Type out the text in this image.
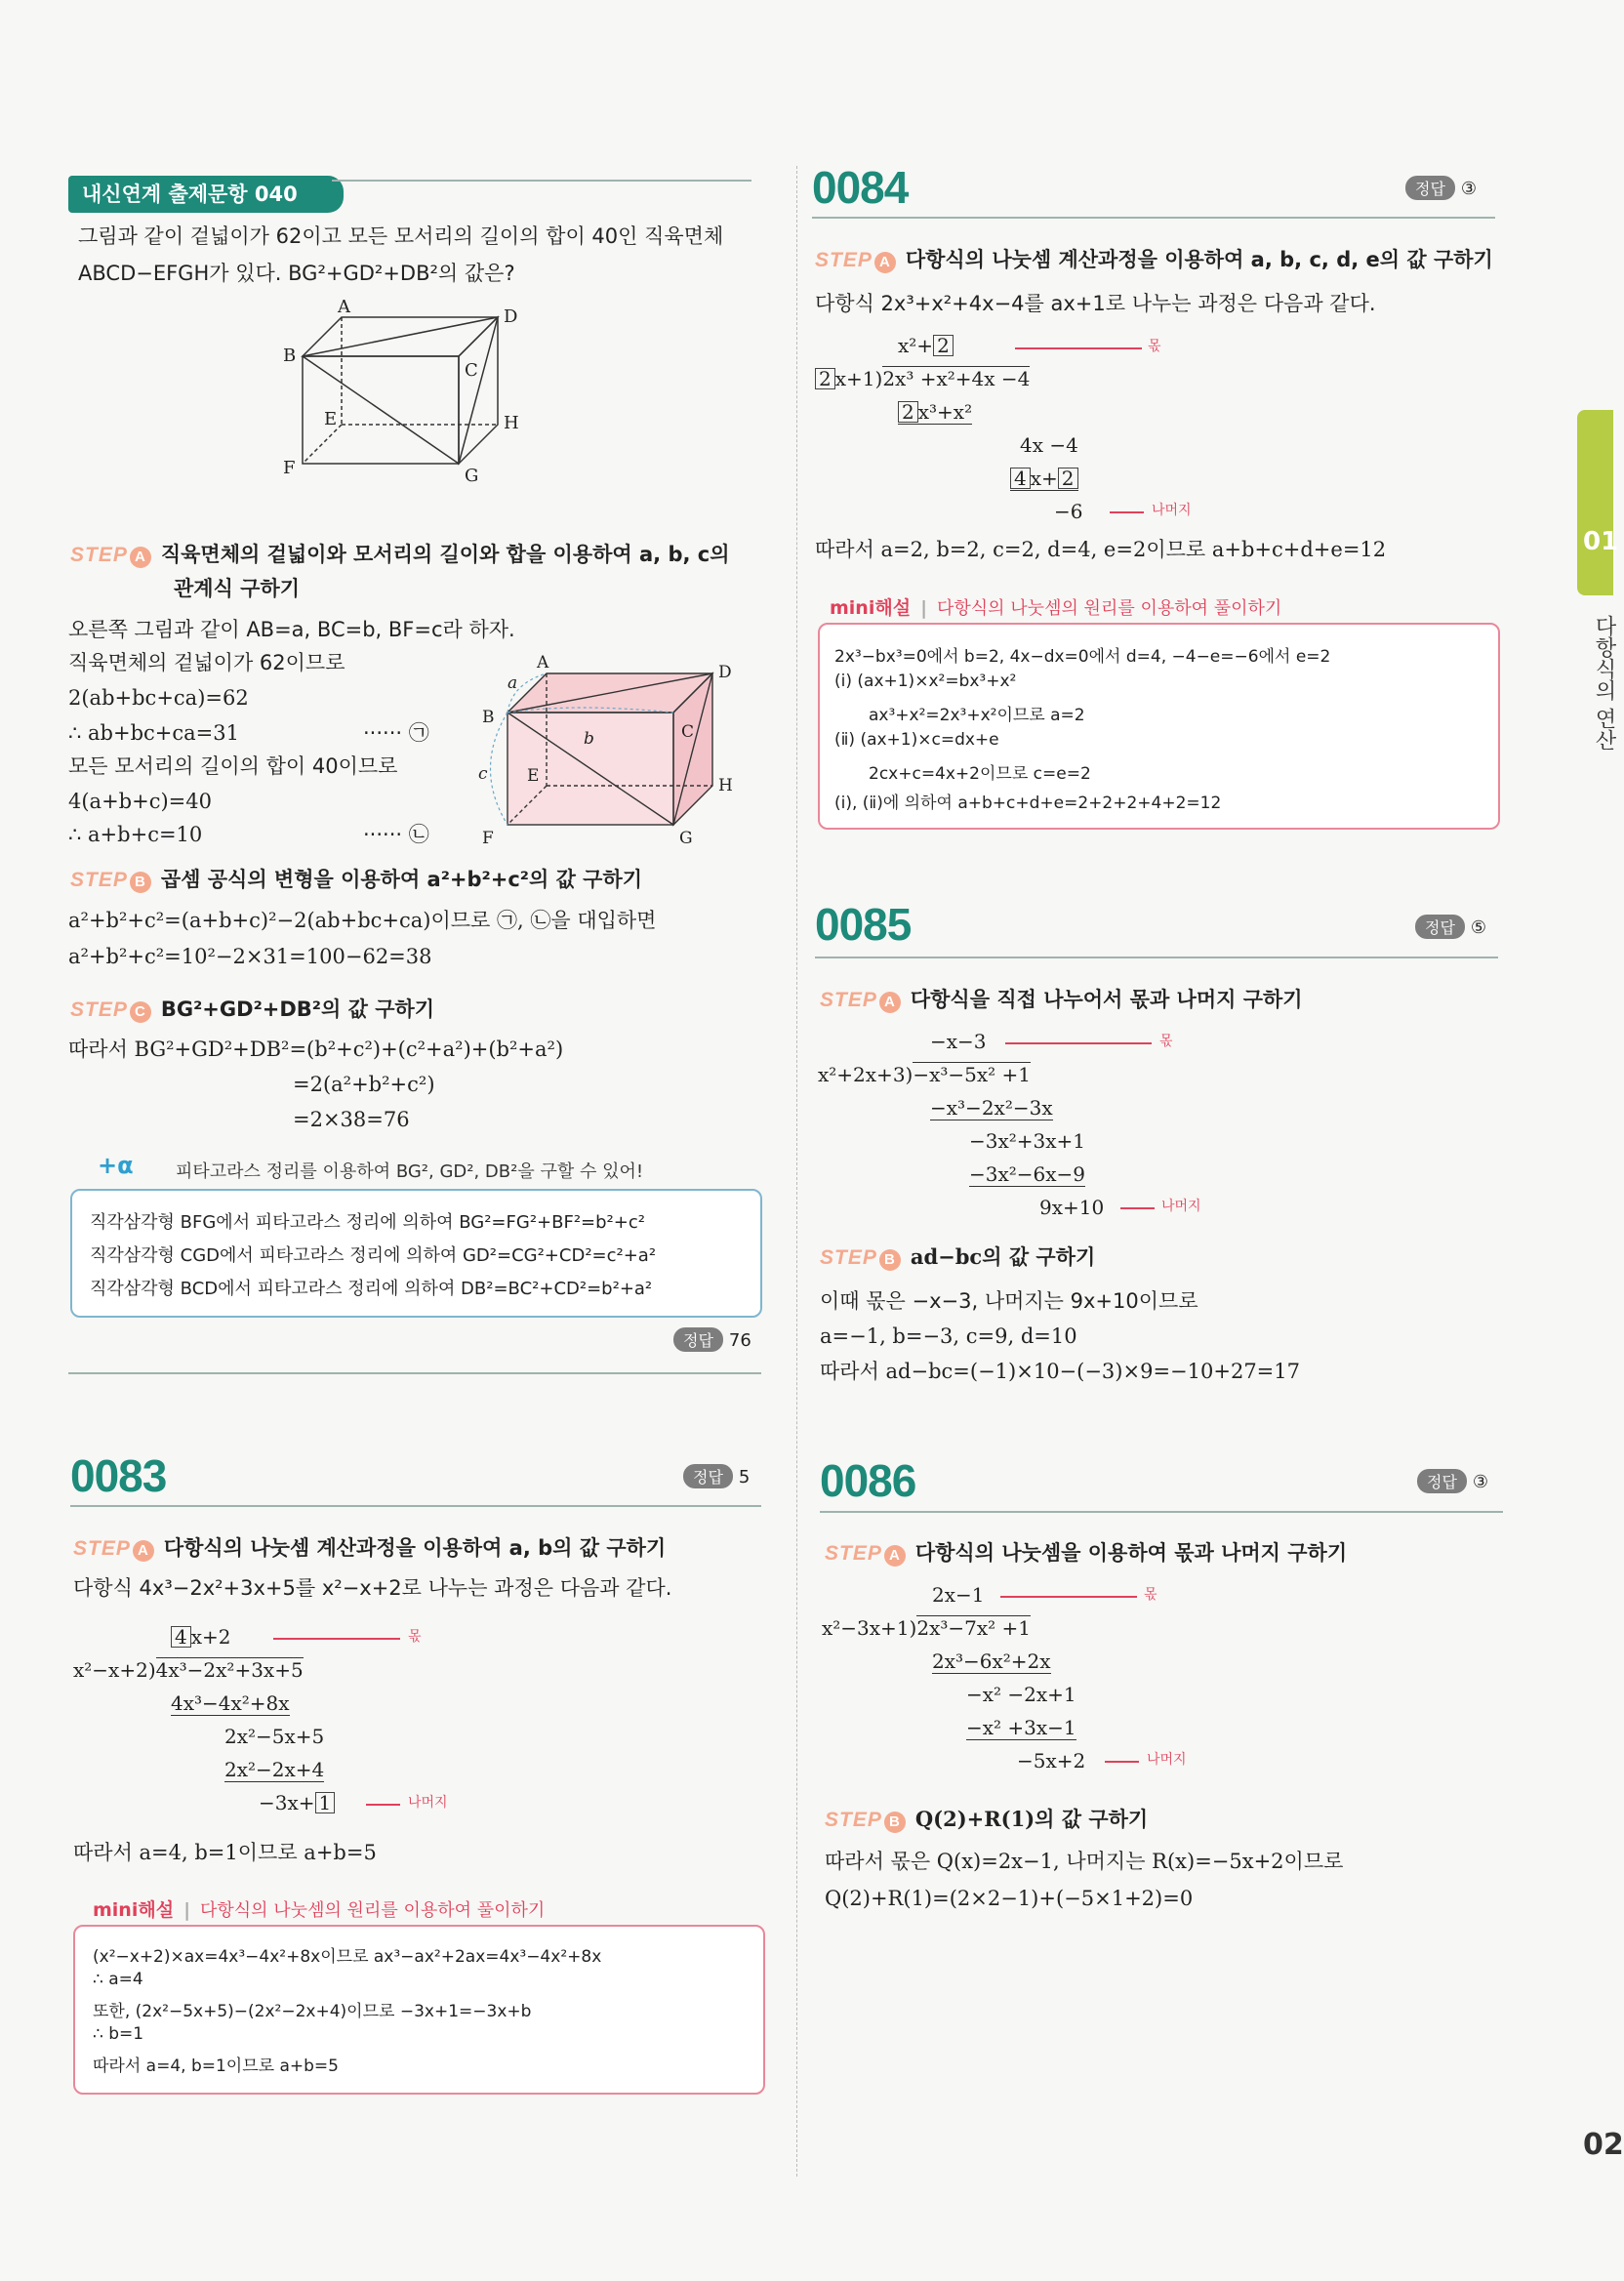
내신연계 출제문항 040
그림과 같이 겉넓이가 62이고 모든 모서리의 길이의 합이 40인 직육면체
ABCD−EFGH가 있다. BG²+GD²+DB²의 값은?
A
B
C
D
E
F	G
H
STEP A 직육면체의 겉넓이와 모서리의 길이와 합을 이용하여 a, b, c의
관계식 구하기
오른쪽 그림과 같이 AB=a, BC=b, BF=c라 하자.
직육면체의 겉넓이가 62이므로
2(ab+bc+ca)=62
∴ ab+bc+ca=31	······ ㉠
모든 모서리의 길이의 합이 40이므로
4(a+b+c)=40
∴ a+b+c=10	······ ㉡
a
A	D
B
b	C
c E	H
F	G
STEP B 곱셈 공식의 변형을 이용하여 a²+b²+c²의 값 구하기
a²+b²+c²=(a+b+c)²−2(ab+bc+ca)이므로 ㉠, ㉡을 대입하면
a²+b²+c²=10²−2×31=100−62=38
STEP C BG²+GD²+DB²의 값 구하기
따라서 BG²+GD²+DB²=(b²+c²)+(c²+a²)+(b²+a²)
=2(a²+b²+c²)
=2×38=76
+α 피타고라스 정리를 이용하여 BG², GD², DB²을 구할 수 있어!
직각삼각형 BFG에서 피타고라스 정리에 의하여 BG²=FG²+BF²=b²+c²
직각삼각형 CGD에서 피타고라스 정리에 의하여 GD²=CG²+CD²=c²+a²
직각삼각형 BCD에서 피타고라스 정리에 의하여 DB²=BC²+CD²=b²+a²
정답 76
0083	정답 5
STEP A 다항식의 나눗셈 계산과정을 이용하여 a, b의 값 구하기
다항식 4x³−2x²+3x+5를 x²−x+2로 나누는 과정은 다음과 같다.
4 x+2
x²−x+2)4x³−2x²+3x+5
4x³−4x²+8x
2x²−5x+5
2x²−2x+4
−3x+ 1
몫
나머지
따라서 a=4, b=1이므로 a+b=5
mini해설 | 다항식의 나눗셈의 원리를 이용하여 풀이하기
(x²−x+2)×ax=4x³−4x²+8x이므로 ax³−ax²+2ax=4x³−4x²+8x
∴ a=4
또한, (2x²−5x+5)−(2x²−2x+4)이므로 −3x+1=−3x+b
∴ b=1
따라서 a=4, b=1이므로 a+b=5
0084	정답 ③
STEP A 다항식의 나눗셈 계산과정을 이용하여 a, b, c, d, e의 값 구하기
다항식 2x³+x²+4x−4를 ax+1로 나누는 과정은 다음과 같다.
x²+ 2
2 x+1)2x³ +x²+4x −4
2 x³+x²
4x −4
4 x+ 2
−6
몫
나머지
따라서 a=2, b=2, c=2, d=4, e=2이므로 a+b+c+d+e=12
mini해설 | 다항식의 나눗셈의 원리를 이용하여 풀이하기
2x³−bx³=0에서 b=2, 4x−dx=0에서 d=4, −4−e=−6에서 e=2
(ⅰ) (ax+1)×x²=bx³+x²
ax³+x²=2x³+x²이므로 a=2
(ⅱ) (ax+1)×c=dx+e
2cx+c=4x+2이므로 c=e=2
(ⅰ), (ⅱ)에 의하여 a+b+c+d+e=2+2+2+4+2=12
0085	정답 ⑤
STEP A 다항식을 직접 나누어서 몫과 나머지 구하기
−x−3
x²+2x+3)−x³−5x² +1
−x³−2x²−3x
−3x²+3x+1
−3x²−6x−9
9x+10
몫
나머지
STEP B ad−bc의 값 구하기
이때 몫은 −x−3, 나머지는 9x+10이므로
a=−1, b=−3, c=9, d=10
따라서 ad−bc=(−1)×10−(−3)×9=−10+27=17
0086	정답 ③
STEP A 다항식의 나눗셈을 이용하여 몫과 나머지 구하기
2x−1
x²−3x+1)2x³−7x² +1
2x³−6x²+2x
−x² −2x+1
−x² +3x−1
−5x+2
몫
나머지
STEP B Q(2)+R(1)의 값 구하기
따라서 몫은 Q(x)=2x−1, 나머지는 R(x)=−5x+2이므로
Q(2)+R(1)=(2×2−1)+(−5×1+2)=0
01
다항식의 연산
02
